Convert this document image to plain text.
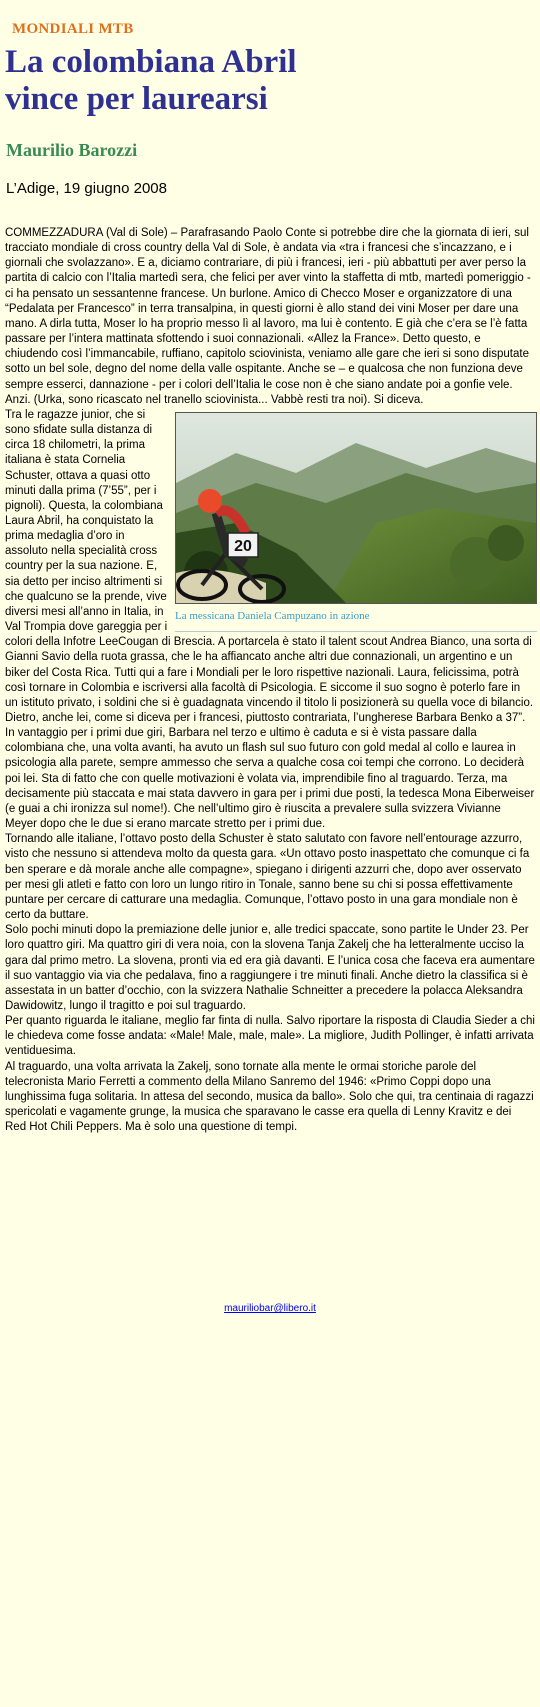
MONDIALI MTB
La colombiana Abril
vince per laurearsi
Maurilio Barozzi
L’Adige, 19 giugno 2008

COMMEZZADURA (Val di Sole) – Parafrasando Paolo Conte si potrebbe dire che la giornata di ieri, sul tracciato mondiale di cross country della Val di Sole, è andata via «tra i francesi che s’incazzano, e i giornali che svolazzano». E a, diciamo contrariare, di più i francesi, ieri - più abbattuti per aver perso la partita di calcio con l’Italia martedì sera, che felici per aver vinto la staffetta di mtb, martedì pomeriggio - ci ha pensato un sessantenne francese. Un burlone. Amico di Checco Moser e organizzatore di una “Pedalata per Francesco” in terra transalpina, in questi giorni è allo stand dei vini Moser per dare una mano. A dirla tutta, Moser lo ha proprio messo lì al lavoro, ma lui è contento. E già che c’era se l’è fatta passare per l’intera mattinata sfottendo i suoi connazionali. «Allez la France». Detto questo, e chiudendo così l’immancabile, ruffiano, capitolo sciovinista, veniamo alle gare che ieri si sono disputate sotto un bel sole, degno del nome della valle ospitante. Anche se – e qualcosa che non funziona deve sempre esserci, dannazione - per i colori dell’Italia le cose non è che siano andate poi a gonfie vele. Anzi. (Urka, sono ricascato nel tranello sciovinista... Vabbè resti tra noi). Si diceva.

20
La messicana Daniela Campuzano in azione

Tra le ragazze junior, che si sono sfidate sulla distanza di circa 18 chilometri, la prima italiana è stata Cornelia Schuster, ottava a quasi otto minuti dalla prima (7’55”, per i pignoli). Questa, la colombiana Laura Abril, ha conquistato la prima medaglia d’oro in assoluto nella specialità cross country per la sua nazione. E, sia detto per inciso altrimenti si che qualcuno se la prende, vive diversi mesi all’anno in Italia, in Val Trompia dove gareggia per i colori della Infotre LeeCougan di Brescia. A portarcela è stato il talent scout Andrea Bianco, una sorta di Gianni Savio della ruota grassa, che le ha affiancato anche altri due connazionali, un argentino e un biker del Costa Rica. Tutti qui a fare i Mondiali per le loro rispettive nazionali. Laura, felicissima, potrà così tornare in Colombia e iscriversi alla facoltà di Psicologia. E siccome il suo sogno è poterlo fare in un istituto privato, i soldini che si è guadagnata vincendo il titolo li posizionerà su quella voce di bilancio. Dietro, anche lei, come si diceva per i francesi, piuttosto contrariata, l’ungherese Barbara Benko a 37”. In vantaggio per i primi due giri, Barbara nel terzo e ultimo è caduta e si è vista passare dalla colombiana che, una volta avanti, ha avuto un flash sul suo futuro con gold medal al collo e laurea in psicologia alla parete, sempre ammesso che serva a qualche cosa coi tempi che corrono. Lo deciderà poi lei. Sta di fatto che con quelle motivazioni è volata via, imprendibile fino al traguardo. Terza, ma decisamente più staccata e mai stata davvero in gara per i primi due posti, la tedesca Mona Eiberweiser (e guai a chi ironizza sul nome!). Che nell’ultimo giro è riuscita a prevalere sulla svizzera Vivianne Meyer dopo che le due si erano marcate stretto per i primi due.

Tornando alle italiane, l’ottavo posto della Schuster è stato salutato con favore nell’entourage azzurro, visto che nessuno si attendeva molto da questa gara. «Un ottavo posto inaspettato che comunque ci fa ben sperare e dà morale anche alle compagne», spiegano i dirigenti azzurri che, dopo aver osservato per mesi gli atleti e fatto con loro un lungo ritiro in Tonale, sanno bene su chi si possa effettivamente puntare per cercare di catturare una medaglia. Comunque, l’ottavo posto in una gara mondiale non è certo da buttare.

Solo pochi minuti dopo la premiazione delle junior e, alle tredici spaccate, sono partite le Under 23. Per loro quattro giri. Ma quattro giri di vera noia, con la slovena Tanja Zakelj che ha letteralmente ucciso la gara dal primo metro. La slovena, pronti via ed era già davanti. E l’unica cosa che faceva era aumentare il suo vantaggio via via che pedalava, fino a raggiungere i tre minuti finali. Anche dietro la classifica si è assestata in un batter d’occhio, con la svizzera Nathalie Schneitter a precedere la polacca Aleksandra Dawidowitz, lungo il tragitto e poi sul traguardo.

Per quanto riguarda le italiane, meglio far finta di nulla. Salvo riportare la risposta di Claudia Sieder a chi le chiedeva come fosse andata: «Male! Male, male, male». La migliore, Judith Pollinger, è infatti arrivata ventiduesima.

Al traguardo, una volta arrivata la Zakelj, sono tornate alla mente le ormai storiche parole del telecronista Mario Ferretti a commento della Milano Sanremo del 1946: «Primo Coppi dopo una lunghissima fuga solitaria. In attesa del secondo, musica da ballo». Solo che qui, tra centinaia di ragazzi spericolati e vagamente grunge, la musica che sparavano le casse era quella di Lenny Kravitz e dei Red Hot Chili Peppers. Ma è solo una questione di tempi.

mauriliobar@libero.it
